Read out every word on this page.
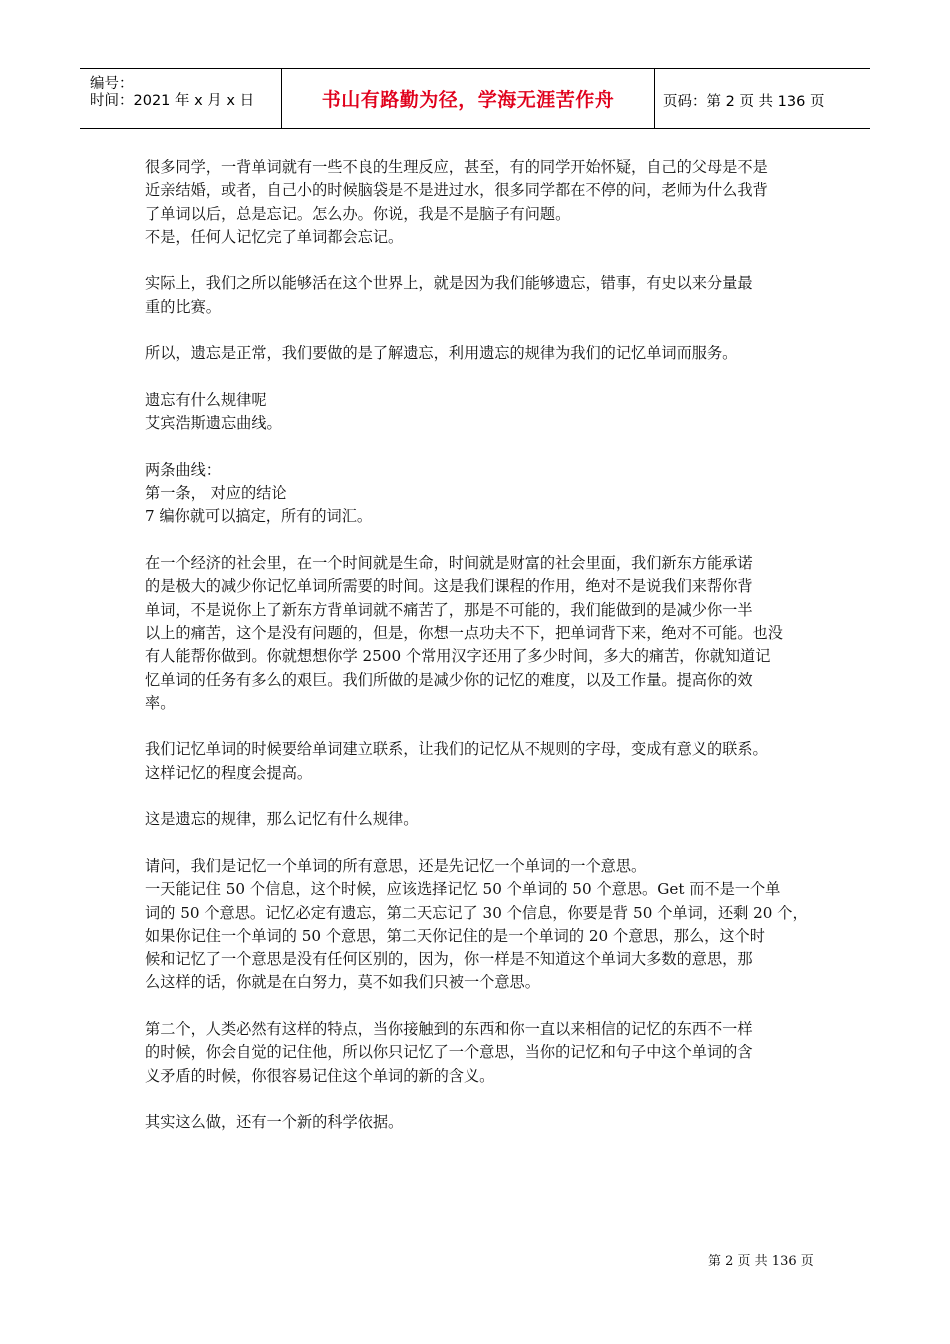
编号：
时间：2021 年 x 月 x 日	书山有路勤为径，学海无涯苦作舟	页码：第 2 页 共 136 页
很多同学，一背单词就有一些不良的生理反应，甚至，有的同学开始怀疑，自己的父母是不是
近亲结婚，或者，自己小的时候脑袋是不是进过水，很多同学都在不停的问，老师为什么我背
了单词以后，总是忘记。怎么办。你说，我是不是脑子有问题。
不是，任何人记忆完了单词都会忘记。
实际上，我们之所以能够活在这个世界上，就是因为我们能够遗忘，错事，有史以来分量最
重的比赛。
所以，遗忘是正常，我们要做的是了解遗忘，利用遗忘的规律为我们的记忆单词而服务。
遗忘有什么规律呢
艾宾浩斯遗忘曲线。
两条曲线：
第一条， 对应的结论
7 编你就可以搞定，所有的词汇。
在一个经济的社会里，在一个时间就是生命，时间就是财富的社会里面，我们新东方能承诺
的是极大的减少你记忆单词所需要的时间。这是我们课程的作用，绝对不是说我们来帮你背
单词，不是说你上了新东方背单词就不痛苦了，那是不可能的，我们能做到的是减少你一半
以上的痛苦，这个是没有问题的，但是，你想一点功夫不下，把单词背下来，绝对不可能。也没
有人能帮你做到。你就想想你学 2500 个常用汉字还用了多少时间，多大的痛苦，你就知道记
忆单词的任务有多么的艰巨。我们所做的是减少你的记忆的难度，以及工作量。提高你的效
率。
我们记忆单词的时候要给单词建立联系，让我们的记忆从不规则的字母，变成有意义的联系。
这样记忆的程度会提高。
这是遗忘的规律，那么记忆有什么规律。
请问，我们是记忆一个单词的所有意思，还是先记忆一个单词的一个意思。
一天能记住 50 个信息，这个时候，应该选择记忆 50 个单词的 50 个意思。Get 而不是一个单
词的 50 个意思。记忆必定有遗忘，第二天忘记了 30 个信息，你要是背 50 个单词，还剩 20 个，
如果你记住一个单词的 50 个意思，第二天你记住的是一个单词的 20 个意思，那么，这个时
候和记忆了一个意思是没有任何区别的，因为，你一样是不知道这个单词大多数的意思，那
么这样的话，你就是在白努力，莫不如我们只被一个意思。
第二个，人类必然有这样的特点，当你接触到的东西和你一直以来相信的记忆的东西不一样
的时候，你会自觉的记住他，所以你只记忆了一个意思，当你的记忆和句子中这个单词的含
义矛盾的时候，你很容易记住这个单词的新的含义。
其实这么做，还有一个新的科学依据。
第 2 页 共 136 页
